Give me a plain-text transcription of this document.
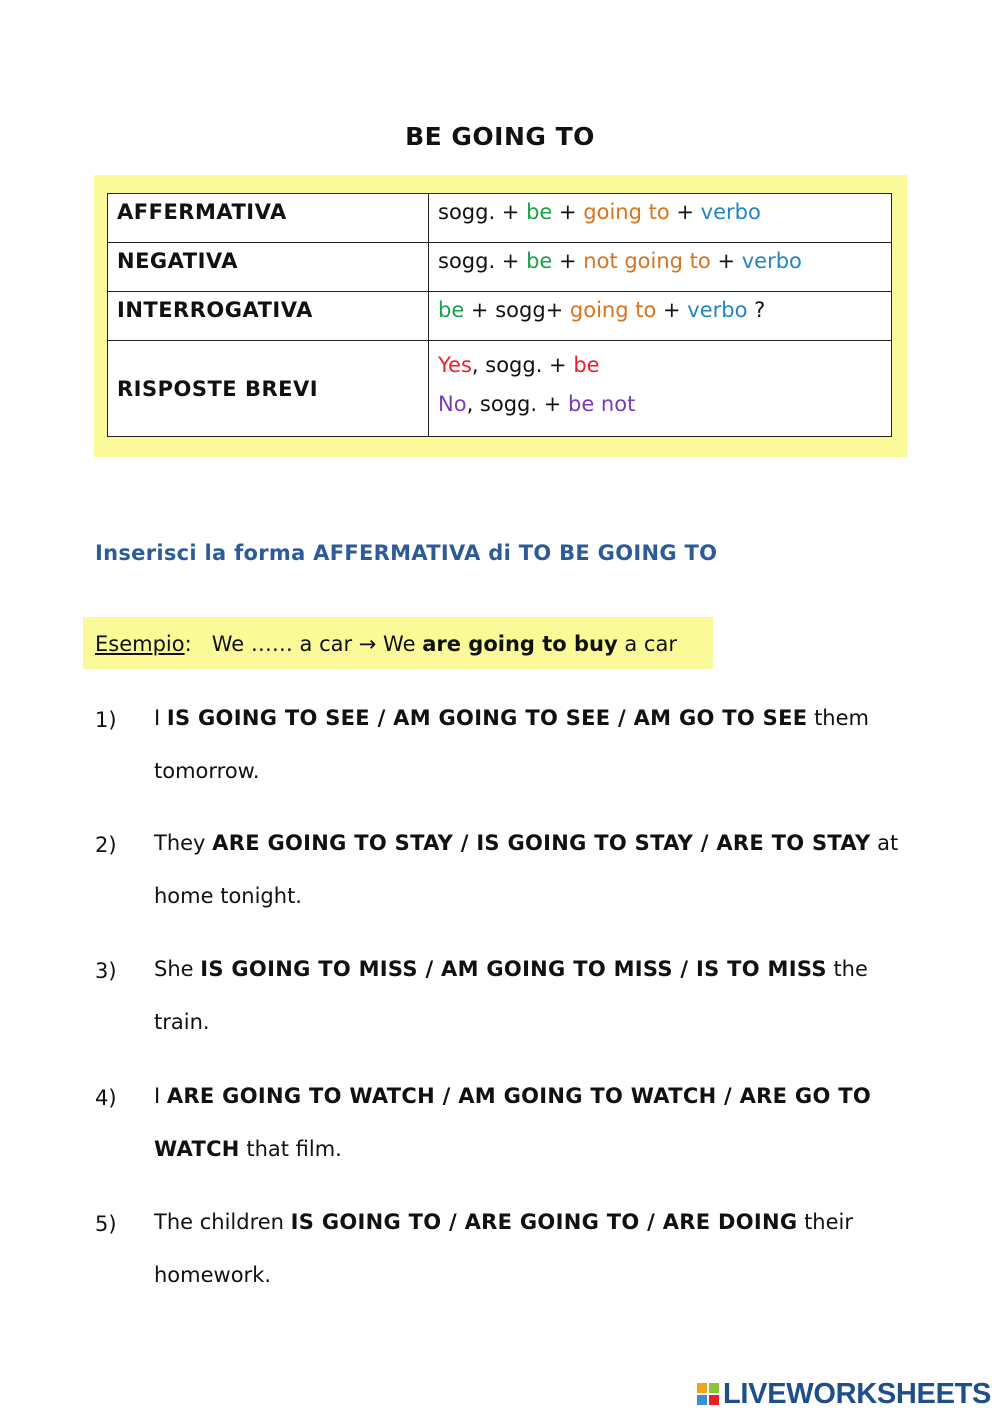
BE GOING TO
AFFERMATIVA	sogg. + be + going to + verbo
NEGATIVA	sogg. + be + not going to + verbo
INTERROGATIVA	be + sogg+ going to + verbo ?
RISPOSTE BREVI	Yes, sogg. + be
No, sogg. + be not
Inserisci la forma AFFERMATIVA di TO BE GOING TO
Esempio: We …… a car → We are going to buy a car
1) I IS GOING TO SEE / AM GOING TO SEE / AM GO TO SEE them tomorrow.
2) They ARE GOING TO STAY / IS GOING TO STAY / ARE TO STAY at home tonight.
3) She IS GOING TO MISS / AM GOING TO MISS / IS TO MISS the train.
4) I ARE GOING TO WATCH / AM GOING TO WATCH / ARE GO TO WATCH that film.
5) The children IS GOING TO / ARE GOING TO / ARE DOING their homework.
LIVEWORKSHEETS
